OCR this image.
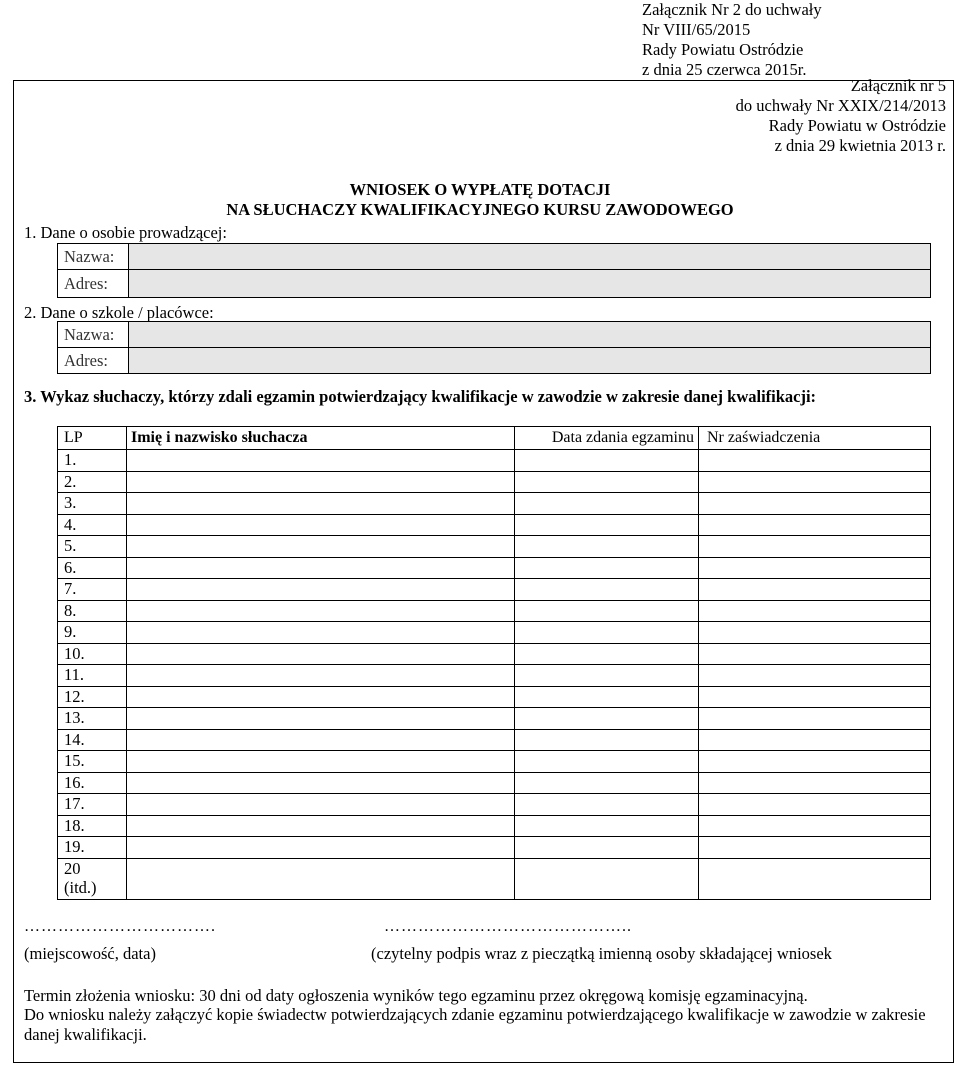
Załącznik Nr 2 do uchwały
Nr VIII/65/2015
Rady Powiatu Ostródzie
z dnia 25 czerwca 2015r.
Załącznik nr 5
do uchwały Nr XXIX/214/2013
Rady Powiatu w Ostródzie
z dnia 29 kwietnia 2013 r.
WNIOSEK O WYPŁATĘ DOTACJI
NA SŁUCHACZY KWALIFIKACYJNEGO KURSU ZAWODOWEGO
1. Dane o osobie prowadzącej:
Nazwa:	
Adres:	
2. Dane o szkole / placówce:
Nazwa:	
Adres:	
3. Wykaz słuchaczy, którzy zdali egzamin potwierdzający kwalifikacje w zawodzie w zakresie danej kwalifikacji:
LP	Imię i nazwisko słuchacza	Data zdania egzaminu	Nr zaświadczenia
1.			
2.			
3.			
4.			
5.			
6.			
7.			
8.			
9.			
10.			
11.			
12.			
13.			
14.			
15.			
16.			
17.			
18.			
19.			

20
(itd.)			

…………………………….	……………………………………..
(miejscowość, data)	(czytelny podpis wraz z pieczątką imienną osoby składającej wniosek
Termin złożenia wniosku: 30 dni od daty ogłoszenia wyników tego egzaminu przez okręgową komisję egzaminacyjną.
Do wniosku należy załączyć kopie świadectw potwierdzających zdanie egzaminu potwierdzającego kwalifikacje w zawodzie w zakresie danej kwalifikacji.
